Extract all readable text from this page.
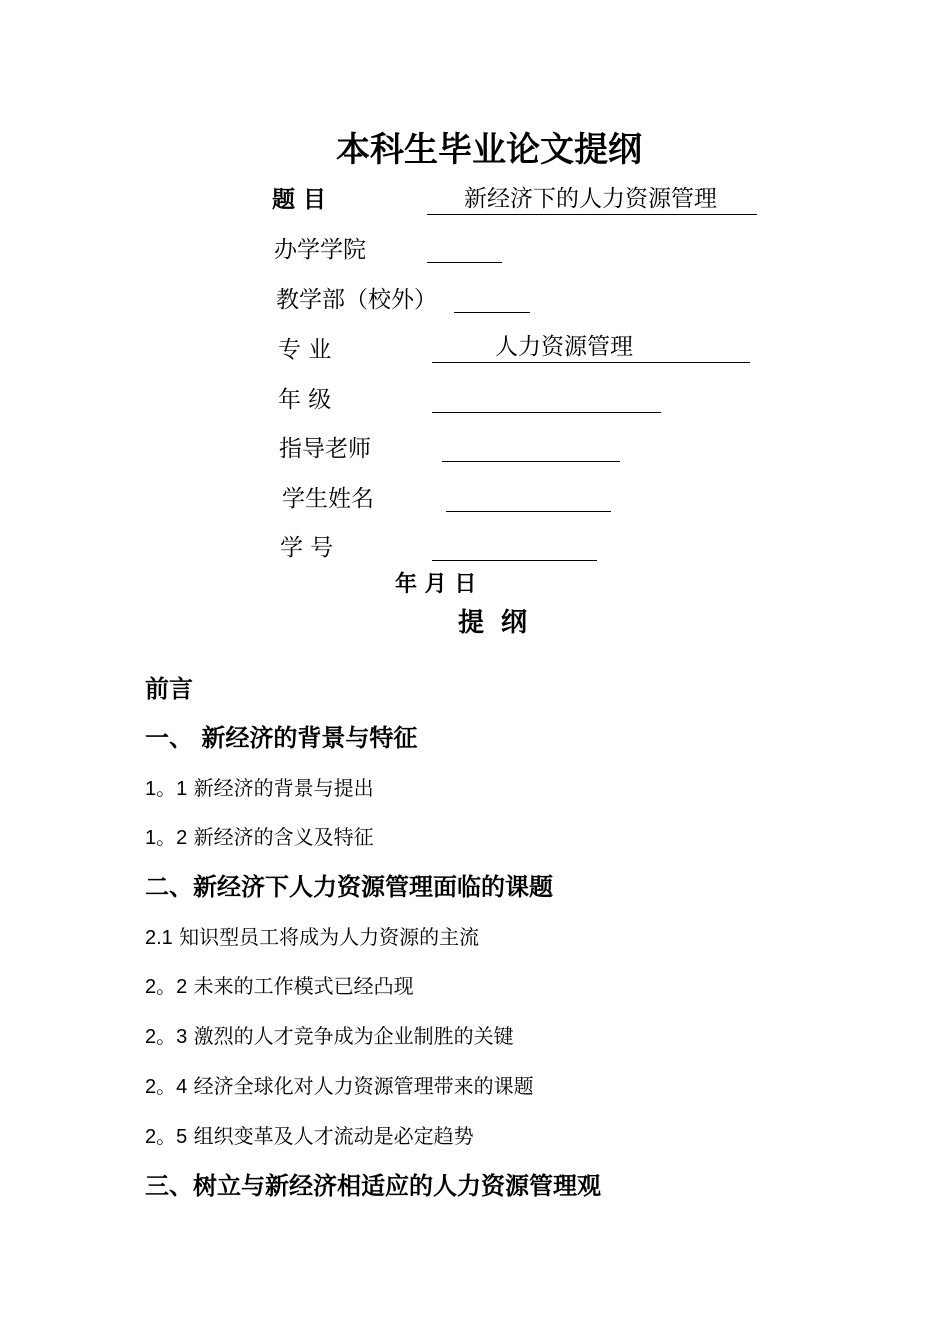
本科生毕业论文提纲
题 目	新经济下的人力资源管理
办学学院
教学部（校外）
专 业	人力资源管理
年 级
指导老师
学生姓名
学 号
年 月 日
提 纲
前言
一、 新经济的背景与特征
1。1 新经济的背景与提出
1。2 新经济的含义及特征
二、新经济下人力资源管理面临的课题
2.1 知识型员工将成为人力资源的主流
2。2 未来的工作模式已经凸现
2。3 激烈的人才竞争成为企业制胜的关键
2。4 经济全球化对人力资源管理带来的课题
2。5 组织变革及人才流动是必定趋势
三、树立与新经济相适应的人力资源管理观
